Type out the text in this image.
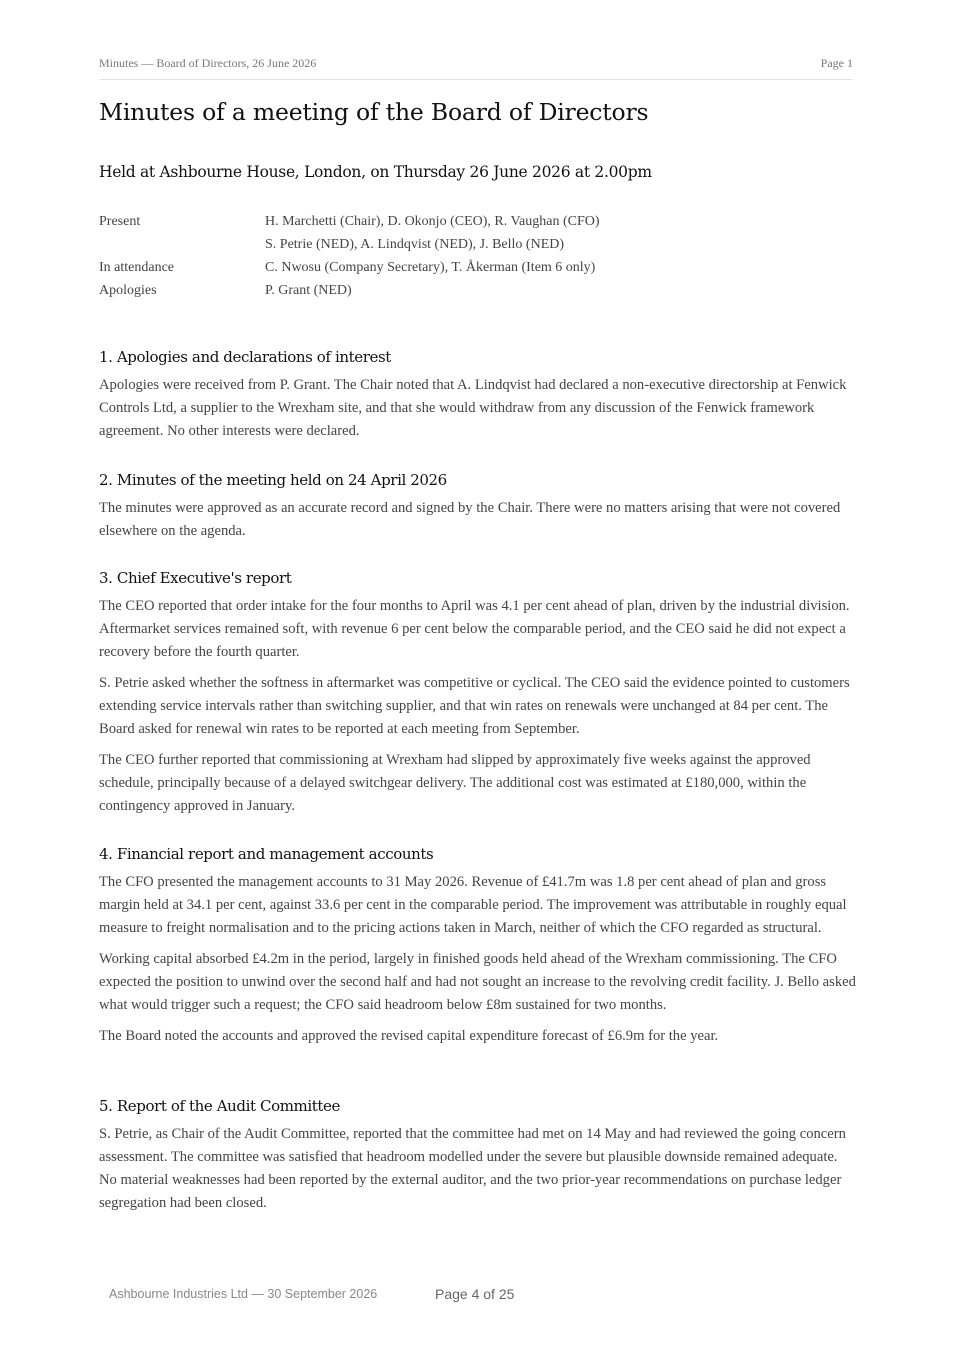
Minutes — Board of Directors, 26 June 2026	Page 1
Minutes of a meeting of the Board of Directors
Held at Ashbourne House, London, on Thursday 26 June 2026 at 2.00pm
Present	H. Marchetti (Chair), D. Okonjo (CEO), R. Vaughan (CFO)
S. Petrie (NED), A. Lindqvist (NED), J. Bello (NED)
In attendance	C. Nwosu (Company Secretary), T. Åkerman (Item 6 only)
Apologies	P. Grant (NED)
1. Apologies and declarations of interest

Apologies were received from P. Grant. The Chair noted that A. Lindqvist had declared a non-executive directorship at Fenwick Controls Ltd, a supplier to the Wrexham site, and that she would withdraw from any discussion of the Fenwick framework agreement. No other interests were declared.

2. Minutes of the meeting held on 24 April 2026

The minutes were approved as an accurate record and signed by the Chair. There were no matters arising that were not covered elsewhere on the agenda.

3. Chief Executive's report

The CEO reported that order intake for the four months to April was 4.1 per cent ahead of plan, driven by the industrial division. Aftermarket services remained soft, with revenue 6 per cent below the comparable period, and the CEO said he did not expect a recovery before the fourth quarter.

S. Petrie asked whether the softness in aftermarket was competitive or cyclical. The CEO said the evidence pointed to customers extending service intervals rather than switching supplier, and that win rates on renewals were unchanged at 84 per cent. The Board asked for renewal win rates to be reported at each meeting from September.

The CEO further reported that commissioning at Wrexham had slipped by approximately five weeks against the approved schedule, principally because of a delayed switchgear delivery. The additional cost was estimated at £180,000, within the contingency approved in January.

4. Financial report and management accounts

The CFO presented the management accounts to 31 May 2026. Revenue of £41.7m was 1.8 per cent ahead of plan and gross margin held at 34.1 per cent, against 33.6 per cent in the comparable period. The improvement was attributable in roughly equal measure to freight normalisation and to the pricing actions taken in March, neither of which the CFO regarded as structural.

Working capital absorbed £4.2m in the period, largely in finished goods held ahead of the Wrexham commissioning. The CFO expected the position to unwind over the second half and had not sought an increase to the revolving credit facility. J. Bello asked what would trigger such a request; the CFO said headroom below £8m sustained for two months.

The Board noted the accounts and approved the revised capital expenditure forecast of £6.9m for the year.

5. Report of the Audit Committee

S. Petrie, as Chair of the Audit Committee, reported that the committee had met on 14 May and had reviewed the going concern assessment. The committee was satisfied that headroom modelled under the severe but plausible downside remained adequate. No material weaknesses had been reported by the external auditor, and the two prior-year recommendations on purchase ledger segregation had been closed.

Ashbourne Industries Ltd — 30 September 2026	Page 4 of 25
